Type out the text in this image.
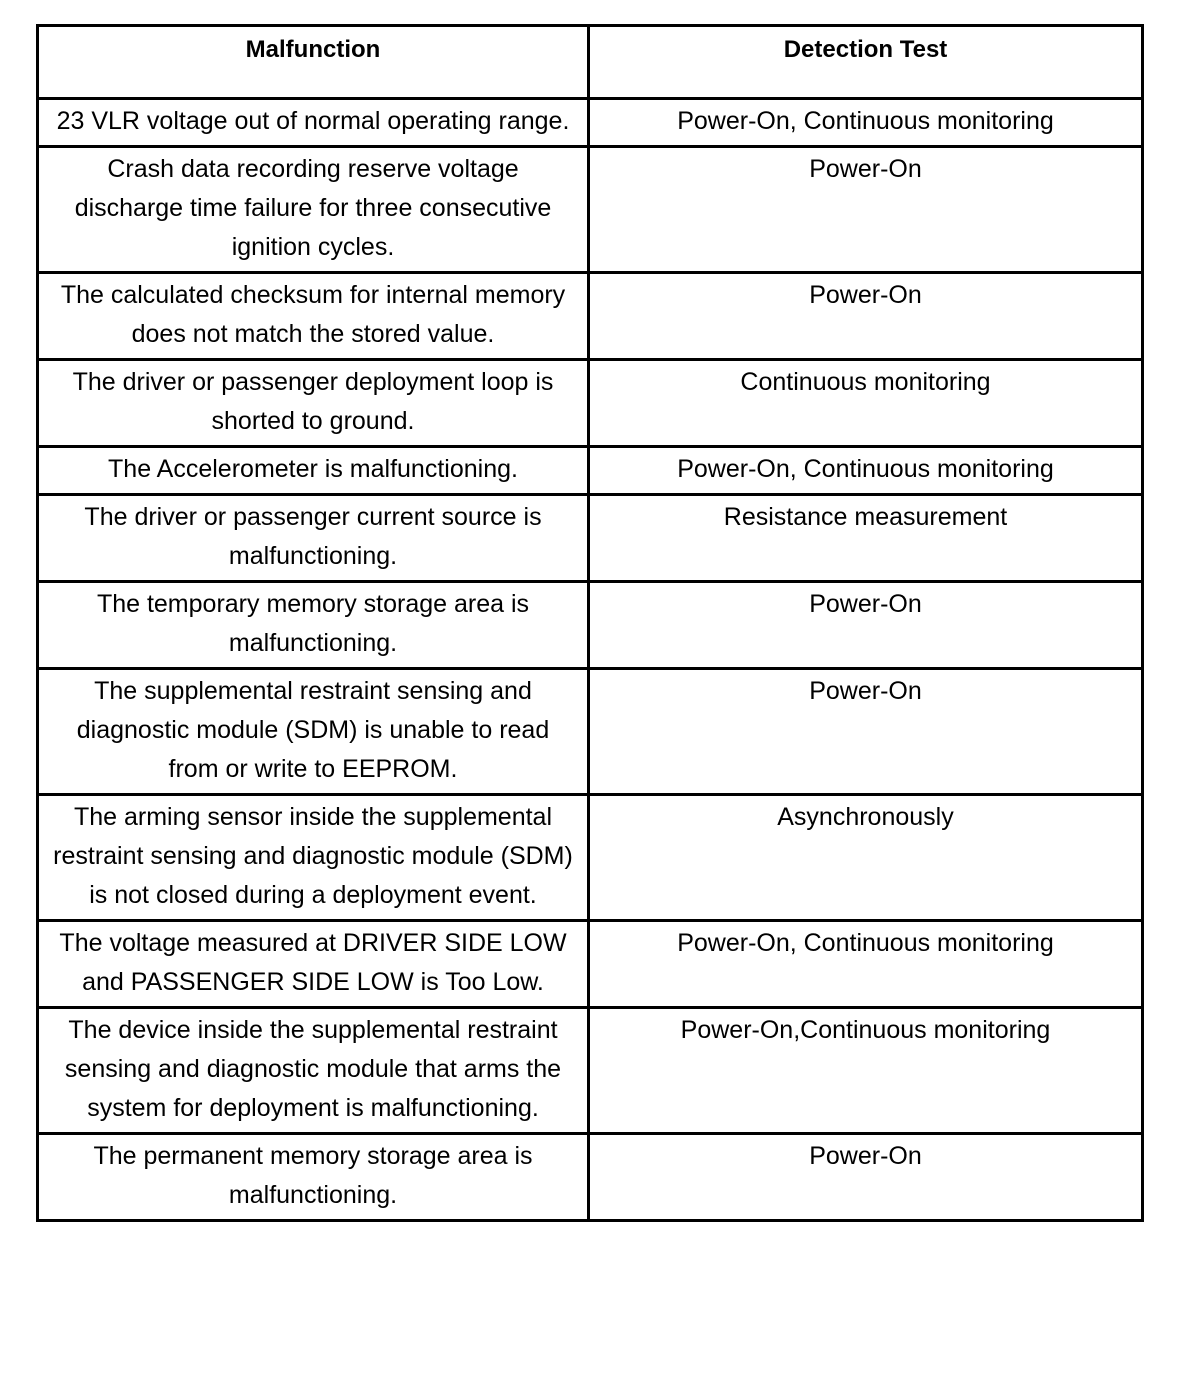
Malfunction	Detection Test
23 VLR voltage out of normal operating range.	Power-On, Continuous monitoring
Crash data recording reserve voltage discharge time failure for three consecutive ignition cycles.	Power-On
The calculated checksum for internal memory does not match the stored value.	Power-On
The driver or passenger deployment loop is shorted to ground.	Continuous monitoring
The Accelerometer is malfunctioning.	Power-On, Continuous monitoring
The driver or passenger current source is malfunctioning.	Resistance measurement
The temporary memory storage area is malfunctioning.	Power-On
The supplemental restraint sensing and diagnostic module (SDM) is unable to read from or write to EEPROM.	Power-On
The arming sensor inside the supplemental restraint sensing and diagnostic module (SDM) is not closed during a deployment event.	Asynchronously
The voltage measured at DRIVER SIDE LOW and PASSENGER SIDE LOW is Too Low.	Power-On, Continuous monitoring
The device inside the supplemental restraint sensing and diagnostic module that arms the system for deployment is malfunctioning.	Power-On,Continuous monitoring
The permanent memory storage area is malfunctioning.	Power-On
